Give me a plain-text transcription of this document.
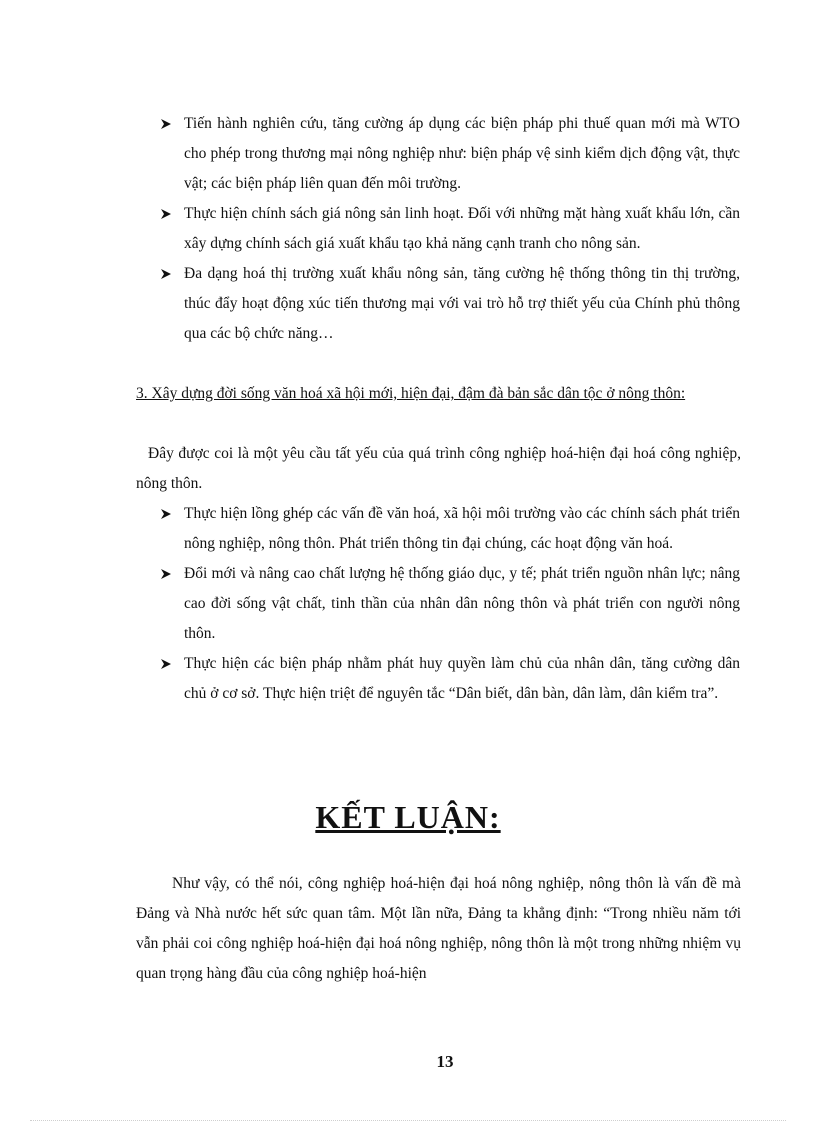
Tiến hành nghiên cứu, tăng cường áp dụng các biện pháp phi thuế quan mới mà WTO cho phép trong thương mại nông nghiệp như: biện pháp vệ sinh kiểm dịch động vật, thực vật; các biện pháp liên quan đến môi trường.
Thực hiện chính sách giá nông sản linh hoạt. Đối với những mặt hàng xuất khẩu lớn, cần xây dựng chính sách giá xuất khẩu tạo khả năng cạnh tranh cho nông sản.
Đa dạng hoá thị trường xuất khẩu nông sản, tăng cường hệ thống thông tin thị trường, thúc đẩy hoạt động xúc tiến thương mại với vai trò hỗ trợ thiết yếu của Chính phủ thông qua các bộ chức năng…
3. Xây dựng đời sống văn hoá xã hội mới, hiện đại, đậm đà bản sắc dân tộc ở nông thôn:
Đây được coi là một yêu cầu tất yếu của quá trình công nghiệp hoá-hiện đại hoá công nghiệp, nông thôn.
Thực hiện lồng ghép các vấn đề văn hoá, xã hội môi trường vào các chính sách phát triển nông nghiệp, nông thôn. Phát triển thông tin đại chúng, các hoạt động văn hoá.
Đổi mới và nâng cao chất lượng hệ thống giáo dục, y tế; phát triển nguồn nhân lực; nâng cao đời sống vật chất, tinh thần của nhân dân nông thôn và phát triển con người nông thôn.
Thực hiện các biện pháp nhằm phát huy quyền làm chủ của nhân dân, tăng cường dân chủ ở cơ sở. Thực hiện triệt để nguyên tắc “Dân biết, dân bàn, dân làm, dân kiểm tra”.
KẾT LUẬN:
Như vậy, có thể nói, công nghiệp hoá-hiện đại hoá nông nghiệp, nông thôn là vấn đề mà Đảng và Nhà nước hết sức quan tâm. Một lần nữa, Đảng ta khẳng định: “Trong nhiều năm tới vẫn phải coi công nghiệp hoá-hiện đại hoá nông nghiệp, nông thôn là một trong những nhiệm vụ quan trọng hàng đầu của công nghiệp hoá-hiện
13
